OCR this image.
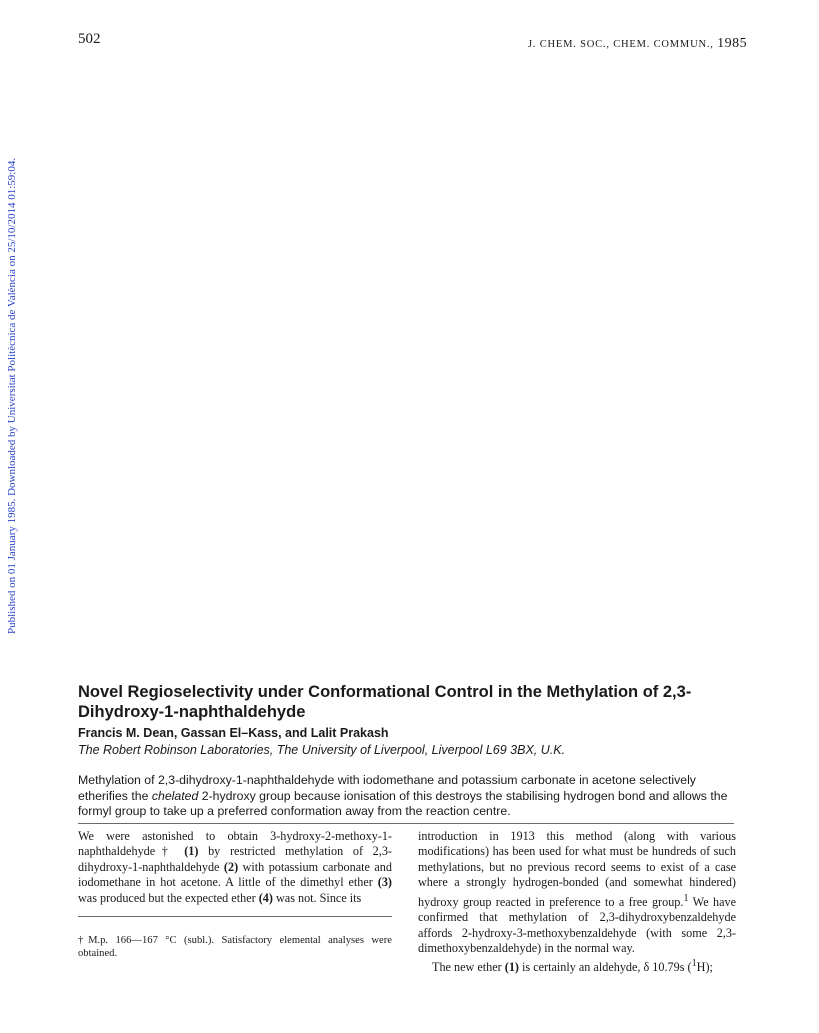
502	J. CHEM. SOC., CHEM. COMMUN., 1985
Published on 01 January 1985. Downloaded by Universitat Politècnica de València on 25/10/2014 01:59:04.
Novel Regioselectivity under Conformational Control in the Methylation of 2,3-Dihydroxy-1-naphthaldehyde
Francis M. Dean, Gassan El–Kass, and Lalit Prakash
The Robert Robinson Laboratories, The University of Liverpool, Liverpool L69 3BX, U.K.

Methylation of 2,3-dihydroxy-1-naphthaldehyde with iodomethane and potassium carbonate in acetone selectively etherifies the chelated 2-hydroxy group because ionisation of this destroys the stabilising hydrogen bond and allows the formyl group to take up a preferred conformation away from the reaction centre.

We were astonished to obtain 3-hydroxy-2-methoxy-1-naphthaldehyde† (1) by restricted methylation of 2,3-dihydroxy-1-naphthaldehyde (2) with potassium carbonate and iodomethane in hot acetone. A little of the dimethyl ether (3) was produced but the expected ether (4) was not. Since its

†M.p. 166—167 °C (subl.). Satisfactory elemental analyses were obtained.

introduction in 1913 this method (along with various modifications) has been used for what must be hundreds of such methylations, but no previous record seems to exist of a case where a strongly hydrogen-bonded (and somewhat hindered) hydroxy group reacted in preference to a free group.$^1$ We have confirmed that methylation of 2,3-dihydroxybenzaldehyde affords 2-hydroxy-3-methoxybenzaldehyde (with some 2,3-dimethoxybenzaldehyde) in the normal way.

The new ether (1) is certainly an aldehyde, δ 10.79s ($^1$H);
